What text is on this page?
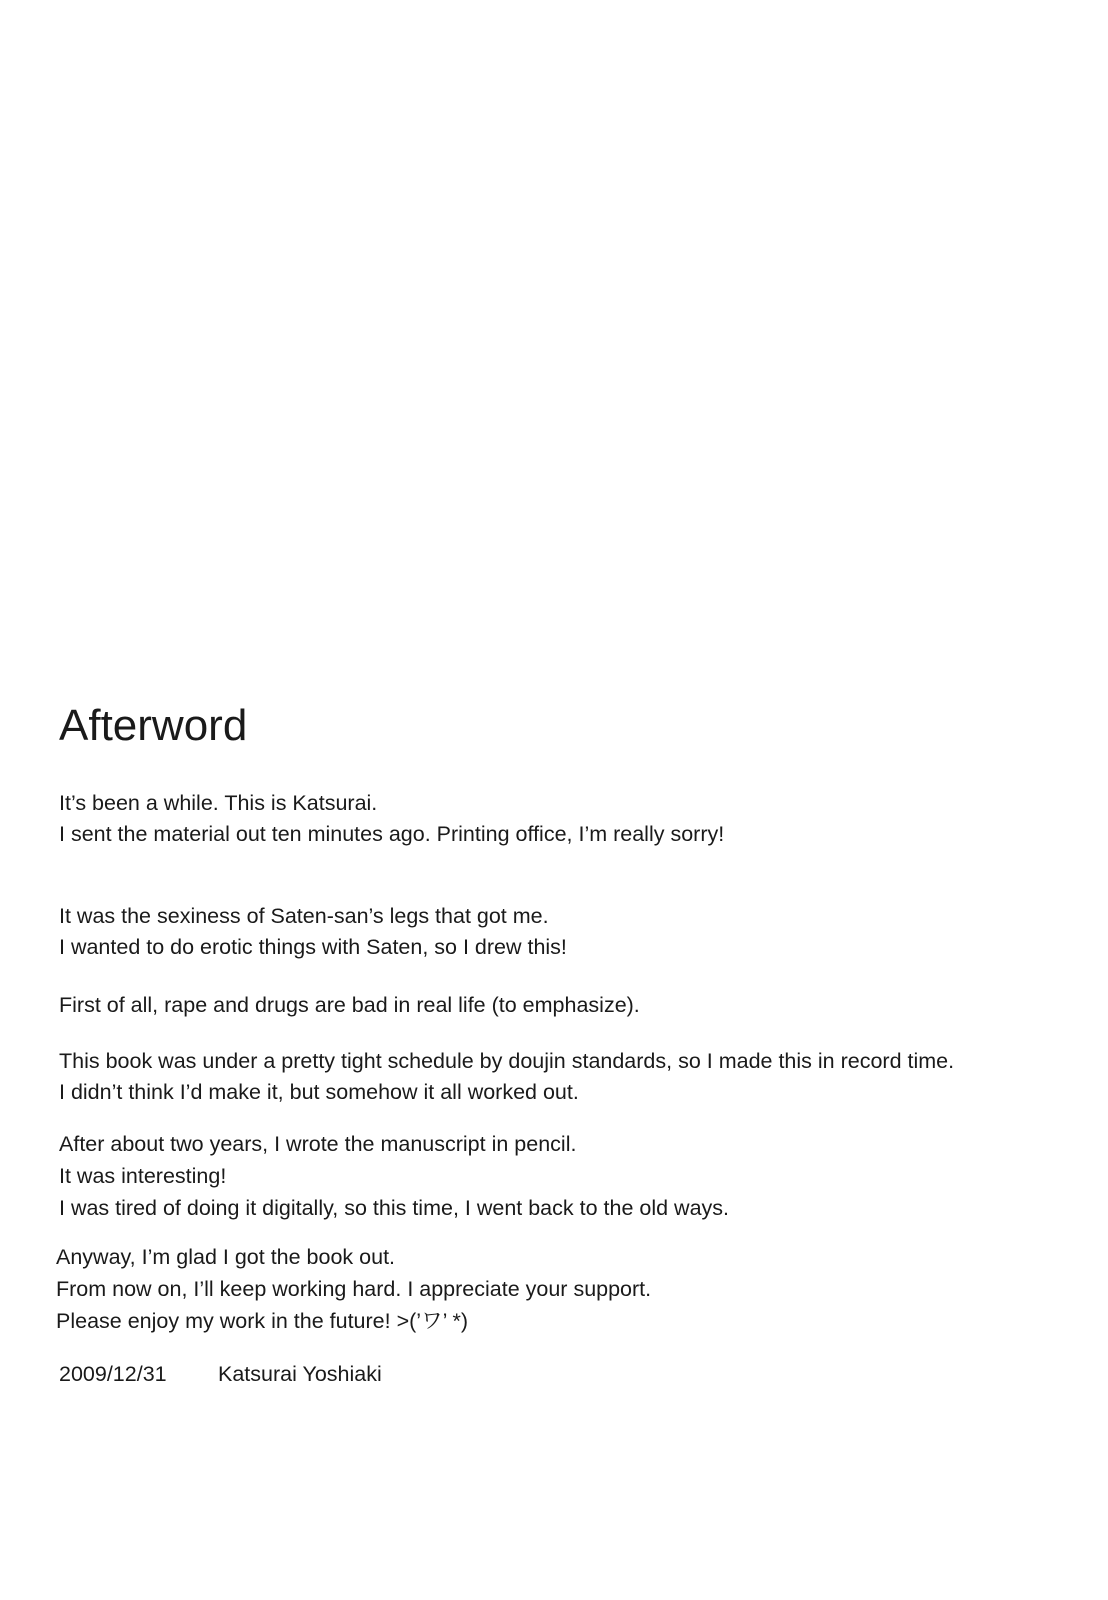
Afterword

It’s been a while. This is Katsurai.

I sent the material out ten minutes ago. Printing office, I’m really sorry!

It was the sexiness of Saten-san’s legs that got me.

I wanted to do erotic things with Saten, so I drew this!

First of all, rape and drugs are bad in real life (to emphasize).

This book was under a pretty tight schedule by doujin standards, so I made this in record time.

I didn’t think I’d make it, but somehow it all worked out.

After about two years, I wrote the manuscript in pencil.

It was interesting!

I was tired of doing it digitally, so this time, I went back to the old ways.

Anyway, I’m glad I got the book out.

From now on, I’ll keep working hard. I appreciate your support.

Please enjoy my work in the future! >(’ワ’ *)

2009/12/31 Katsurai Yoshiaki
